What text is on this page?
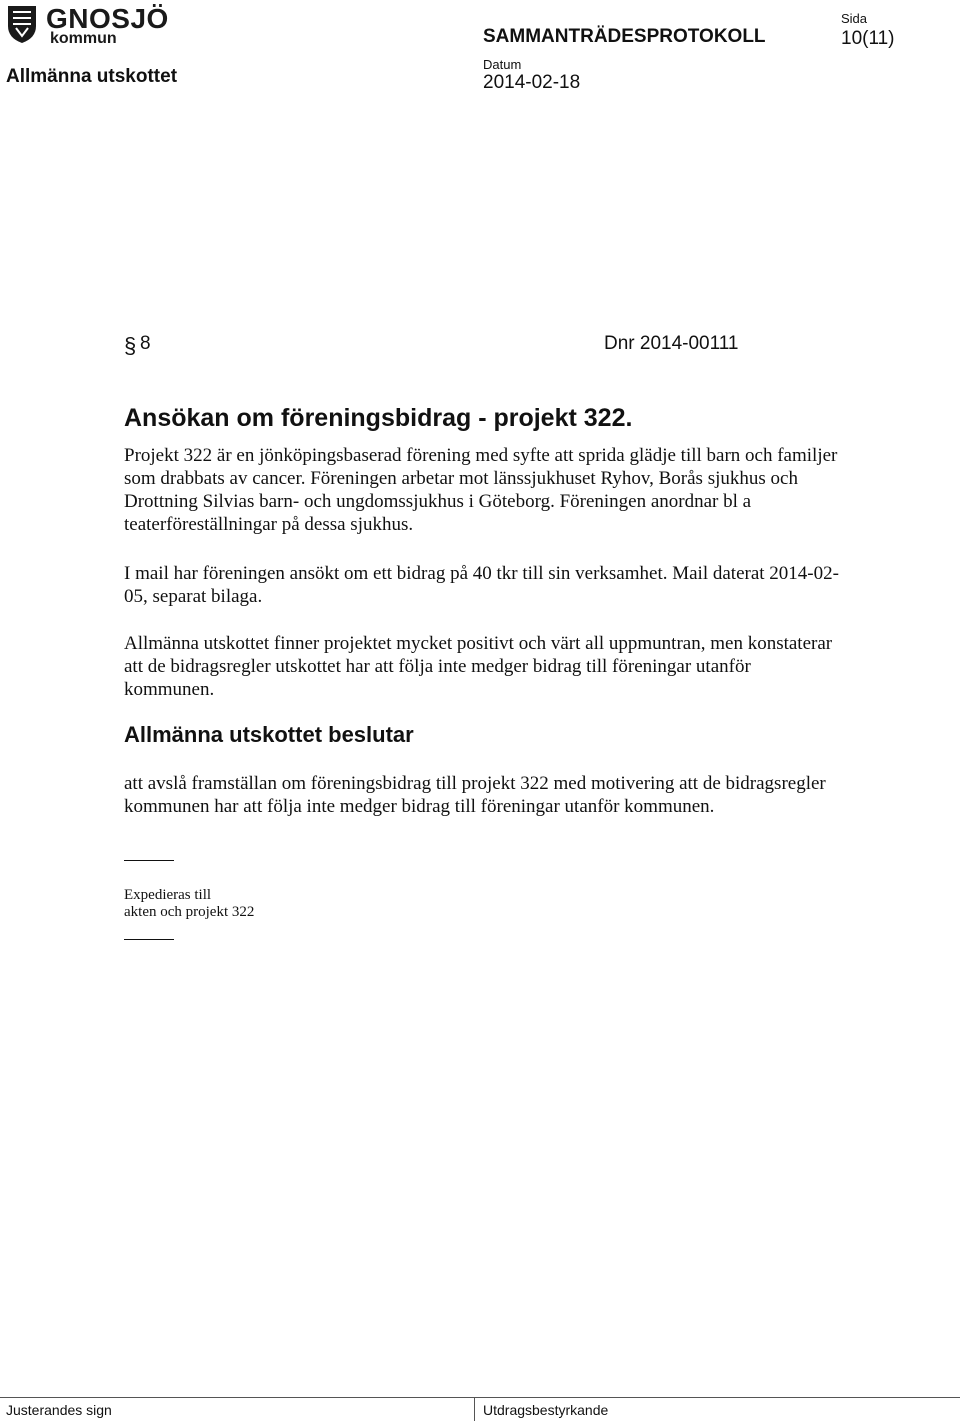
GNOSJÖ
kommun
Allmänna utskottet
SAMMANTRÄDESPROTOKOLL
Sida
10(11)
Datum
2014-02-18
§ 8	Dnr 2014-00111
Ansökan om föreningsbidrag - projekt 322.
Projekt 322 är en jönköpingsbaserad förening med syfte att sprida glädje till barn och familjer som drabbats av cancer. Föreningen arbetar mot länssjukhuset Ryhov, Borås sjukhus och Drottning Silvias barn- och ungdomssjukhus i Göteborg. Föreningen anordnar bl a teaterföreställningar på dessa sjukhus.
I mail har föreningen ansökt om ett bidrag på 40 tkr till sin verksamhet. Mail daterat 2014-02-05, separat bilaga.
Allmänna utskottet finner projektet mycket positivt och värt all uppmuntran, men konstaterar att de bidragsregler utskottet har att följa inte medger bidrag till föreningar utanför kommunen.
Allmänna utskottet beslutar
att avslå framställan om föreningsbidrag till projekt 322 med motivering att de bidragsregler kommunen har att följa inte medger bidrag till föreningar utanför kommunen.
Expedieras till
akten och projekt 322
Justerandes sign	Utdragsbestyrkande
